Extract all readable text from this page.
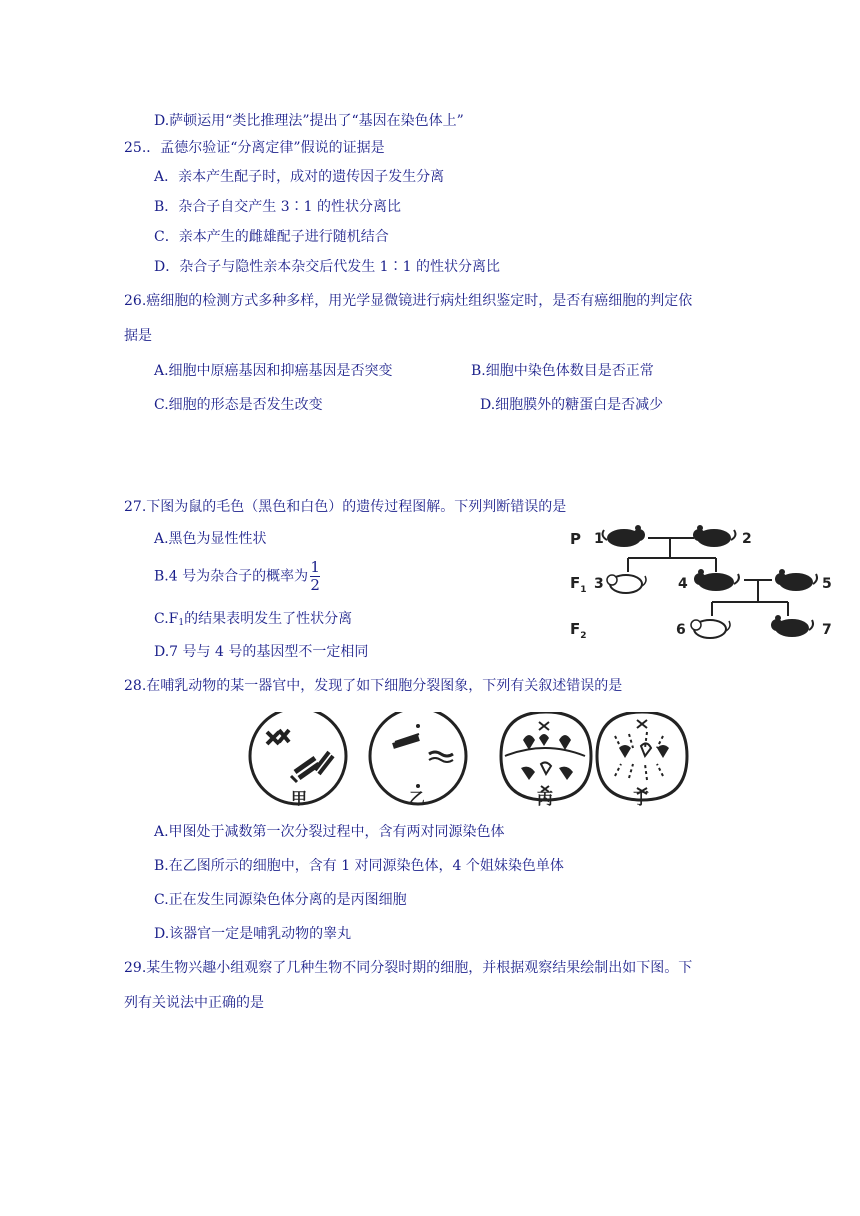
D.萨顿运用“类比推理法”提出了“基因在染色体上”
25.．孟德尔验证“分离定律”假说的证据是
A．亲本产生配子时，成对的遗传因子发生分离
B．杂合子自交产生 3∶1 的性状分离比
C．亲本产生的雌雄配子进行随机结合
D．杂合子与隐性亲本杂交后代发生 1∶1 的性状分离比
26.癌细胞的检测方式多种多样，用光学显微镜进行病灶组织鉴定时，是否有癌细胞的判定依
据是
A.细胞中原癌基因和抑癌基因是否突变	B.细胞中染色体数目是否正常
C.细胞的形态是否发生改变	D.细胞膜外的糖蛋白是否减少
27.下图为鼠的毛色（黑色和白色）的遗传过程图解。下列判断错误的是
A.黑色为显性性状
B.4 号为杂合子的概率为 $\frac{1}{2}$
$C.F_1$的结果表明发生了性状分离
D.7 号与 4 号的基因型不一定相同
P
$F_1$
$F_2$
1	2
3	4	5
6	7
28.在哺乳动物的某一器官中，发现了如下细胞分裂图象，下列有关叙述错误的是
甲	乙	丙	丁
A.甲图处于减数第一次分裂过程中，含有两对同源染色体
B.在乙图所示的细胞中，含有 1 对同源染色体，4 个姐妹染色单体
C.正在发生同源染色体分离的是丙图细胞
D.该器官一定是哺乳动物的睾丸
29.某生物兴趣小组观察了几种生物不同分裂时期的细胞，并根据观察结果绘制出如下图。下
列有关说法中正确的是
